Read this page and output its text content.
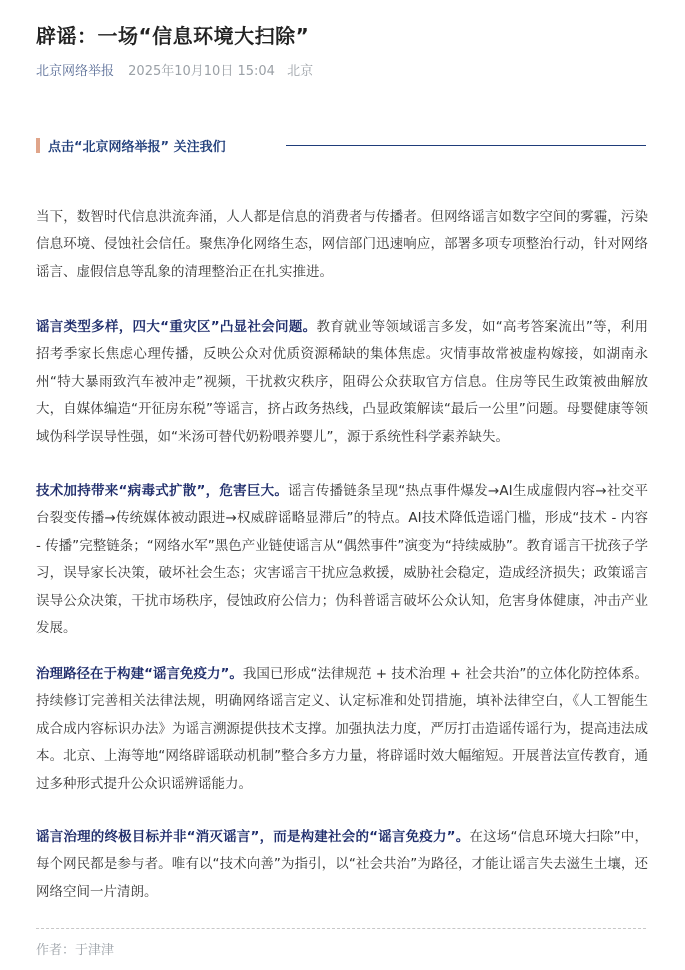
辟谣：一场“信息环境大扫除”
北京网络举报 2025年10月10日 15:04 北京
点击“北京网络举报” 关注我们

当下，数智时代信息洪流奔涌，人人都是信息的消费者与传播者。但网络谣言如数字空间的雾霾，污染信息环境、侵蚀社会信任。聚焦净化网络生态，网信部门迅速响应，部署多项专项整治行动，针对网络谣言、虚假信息等乱象的清理整治正在扎实推进。

谣言类型多样，四大“重灾区”凸显社会问题。教育就业等领域谣言多发，如“高考答案流出”等，利用招考季家长焦虑心理传播，反映公众对优质资源稀缺的集体焦虑。灾情事故常被虚构嫁接，如湖南永州“特大暴雨致汽车被冲走”视频，干扰救灾秩序，阻碍公众获取官方信息。住房等民生政策被曲解放大，自媒体编造“开征房东税”等谣言，挤占政务热线，凸显政策解读“最后一公里”问题。母婴健康等领域伪科学误导性强，如“米汤可替代奶粉喂养婴儿”，源于系统性科学素养缺失。

技术加持带来“病毒式扩散”，危害巨大。谣言传播链条呈现“热点事件爆发→AI生成虚假内容→社交平台裂变传播→传统媒体被动跟进→权威辟谣略显滞后”的特点。AI技术降低造谣门槛，形成“技术 - 内容 - 传播”完整链条；“网络水军”黑色产业链使谣言从“偶然事件”演变为“持续威胁”。教育谣言干扰孩子学习，误导家长决策，破坏社会生态；灾害谣言干扰应急救援，威胁社会稳定，造成经济损失；政策谣言误导公众决策，干扰市场秩序，侵蚀政府公信力；伪科普谣言破坏公众认知，危害身体健康，冲击产业发展。

治理路径在于构建“谣言免疫力”。我国已形成“法律规范 + 技术治理 + 社会共治”的立体化防控体系。持续修订完善相关法律法规，明确网络谣言定义、认定标准和处罚措施，填补法律空白，《人工智能生成合成内容标识办法》为谣言溯源提供技术支撑。加强执法力度，严厉打击造谣传谣行为，提高违法成本。北京、上海等地“网络辟谣联动机制”整合多方力量，将辟谣时效大幅缩短。开展普法宣传教育，通过多种形式提升公众识谣辨谣能力。

谣言治理的终极目标并非“消灭谣言”，而是构建社会的“谣言免疫力”。在这场“信息环境大扫除”中，每个网民都是参与者。唯有以“技术向善”为指引，以“社会共治”为路径，才能让谣言失去滋生土壤，还网络空间一片清朗。

作者：于津津
